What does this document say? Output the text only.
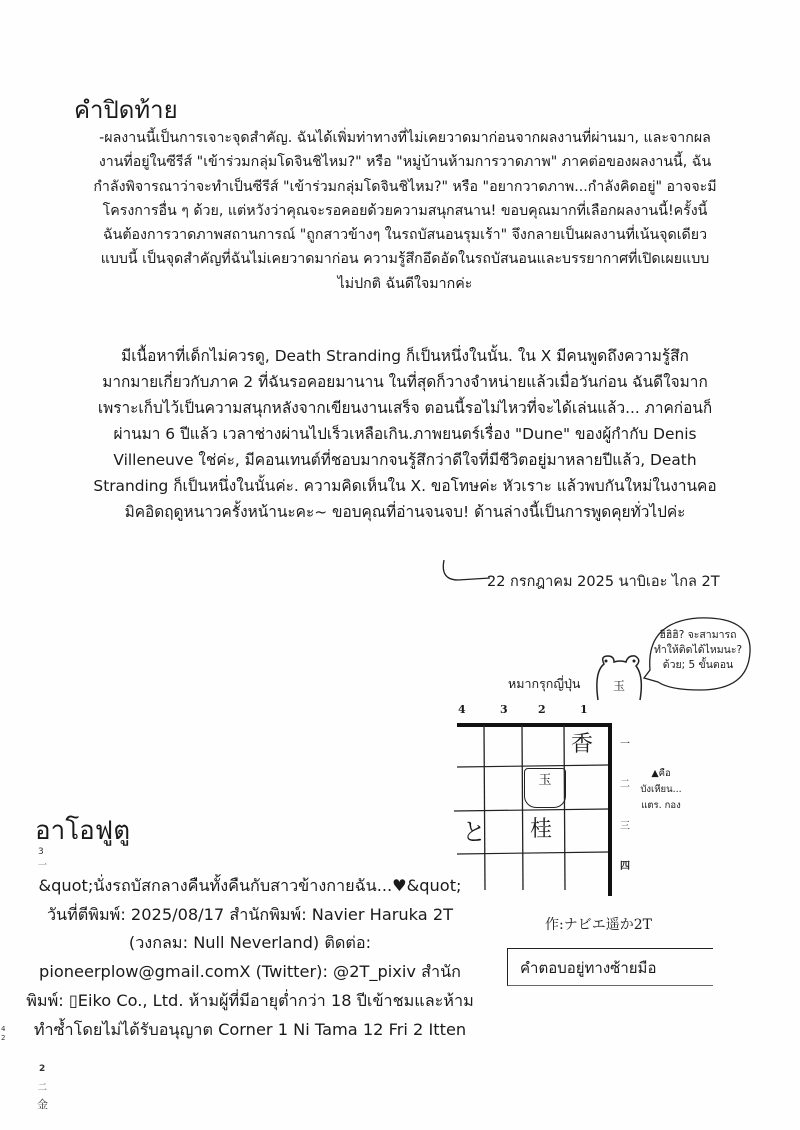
คำปิดท้าย
-ผลงานนี้เป็นการเจาะจุดสำคัญ. ฉันได้เพิ่มท่าทางที่ไม่เคยวาดมาก่อนจากผลงานที่ผ่านมา, และจากผล
งานที่อยู่ในซีรีส์ "เข้าร่วมกลุ่มโดจินชิไหม?" หรือ "หมู่บ้านห้ามการวาดภาพ" ภาคต่อของผลงานนี้, ฉัน
กำลังพิจารณาว่าจะทำเป็นซีรีส์ "เข้าร่วมกลุ่มโดจินชิไหม?" หรือ "อยากวาดภาพ...กำลังคิดอยู่" อาจจะมี
โครงการอื่น ๆ ด้วย, แต่หวังว่าคุณจะรอคอยด้วยความสนุกสนาน! ขอบคุณมากที่เลือกผลงานนี้!ครั้งนี้
ฉันต้องการวาดภาพสถานการณ์ "ถูกสาวข้างๆ ในรถบัสนอนรุมเร้า" จึงกลายเป็นผลงานที่เน้นจุดเดียว
แบบนี้ เป็นจุดสำคัญที่ฉันไม่เคยวาดมาก่อน ความรู้สึกอึดอัดในรถบัสนอนและบรรยากาศที่เปิดเผยแบบ
ไม่ปกติ ฉันดีใจมากค่ะ
มีเนื้อหาที่เด็กไม่ควรดู, Death Stranding ก็เป็นหนึ่งในนั้น. ใน X มีคนพูดถึงความรู้สึก
มากมายเกี่ยวกับภาค 2 ที่ฉันรอคอยมานาน ในที่สุดก็วางจำหน่ายแล้วเมื่อวันก่อน ฉันดีใจมาก
เพราะเก็บไว้เป็นความสนุกหลังจากเขียนงานเสร็จ ตอนนี้รอไม่ไหวที่จะได้เล่นแล้ว... ภาคก่อนก็
ผ่านมา 6 ปีแล้ว เวลาช่างผ่านไปเร็วเหลือเกิน.ภาพยนตร์เรื่อง "Dune" ของผู้กำกับ Denis
Villeneuve ใช่ค่ะ, มีคอนเทนต์ที่ชอบมากจนรู้สึกว่าดีใจที่มีชีวิตอยู่มาหลายปีแล้ว, Death
Stranding ก็เป็นหนึ่งในนั้นค่ะ. ความคิดเห็นใน X. ขอโทษค่ะ หัวเราะ แล้วพบกันใหม่ในงานคอ
มิคอิดฤดูหนาวครั้งหน้านะคะ~ ขอบคุณที่อ่านจนจบ! ด้านล่างนี้เป็นการพูดคุยทั่วไปค่ะ
22 กรกฎาคม 2025 นาบิเอะ ไกล 2T
หมากรุกญี่ปุ่น	玉
ฮิฮิฮิ? จะสามารถ
ทำให้ติดได้ไหมนะ?
ด้วย; 5 ขั้นตอน
4	3	2	1
香
玉
桂
と
一
二
三
四
▲คือ
บังเหียน...
แตร. กอง
作:ナビエ遥か2T
คำตอบอยู่ทางซ้ายมือ
อาโอฟูตู
&quot;นั่งรถบัสกลางคืนทั้งคืนกับสาวข้างกายฉัน...♥&quot;
วันที่ตีพิมพ์: 2025/08/17 สำนักพิมพ์: Navier Haruka 2T
(วงกลม: Null Neverland) ติดต่อ:
pioneerplow@gmail.comX (Twitter): @2T_pixiv สำนัก
พิมพ์: ▯Eiko Co., Ltd. ห้ามผู้ที่มีอายุต่ำกว่า 18 ปีเข้าชมและห้าม
ทำซ้ำโดยไม่ได้รับอนุญาต Corner 1 Ni Tama 12 Fri 2 Itten
3
一
2
二
金
4
2
